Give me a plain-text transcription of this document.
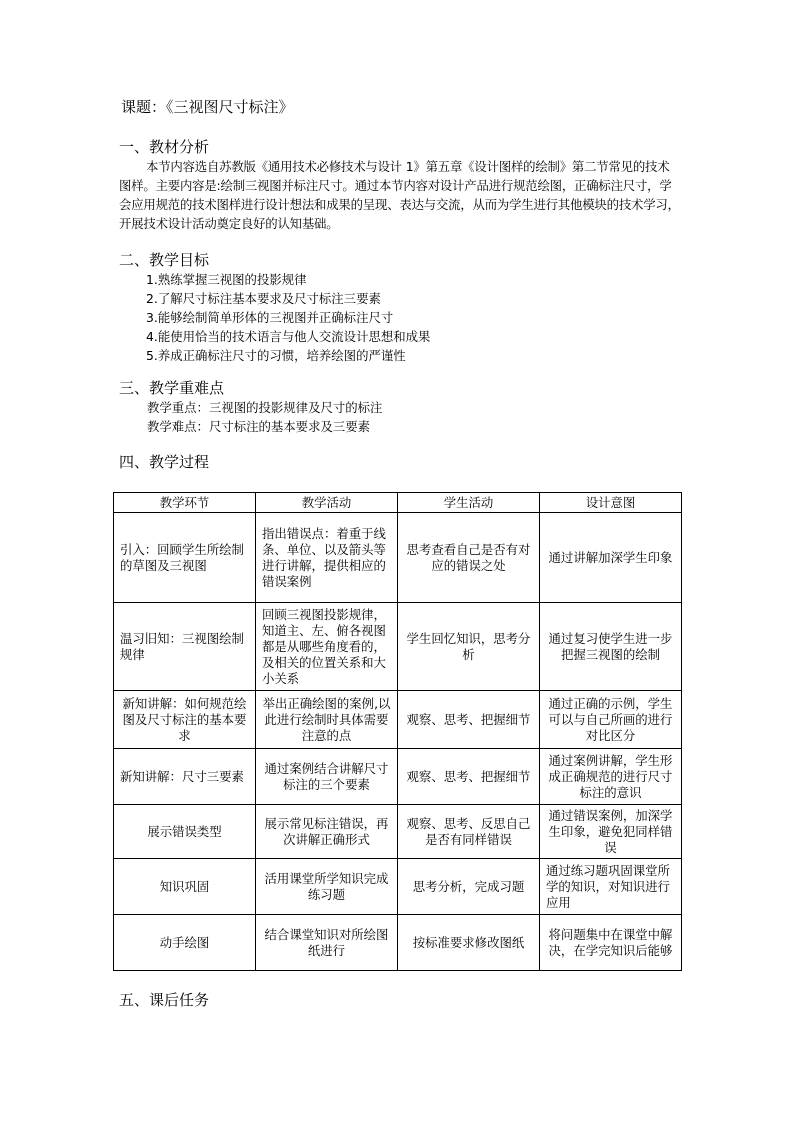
课题：《三视图尺寸标注》
一、教材分析

本节内容选自苏教版《通用技术必修技术与设计 1》第五章《设计图样的绘制》第二节常见的技术图样。主要内容是:绘制三视图并标注尺寸。通过本节内容对设计产品进行规范绘图，正确标注尺寸，学会应用规范的技术图样进行设计想法和成果的呈现、表达与交流，从而为学生进行其他模块的技术学习，开展技术设计活动奠定良好的认知基础。

二、教学目标
1.熟练掌握三视图的投影规律
2.了解尺寸标注基本要求及尺寸标注三要素
3.能够绘制简单形体的三视图并正确标注尺寸
4.能使用恰当的技术语言与他人交流设计思想和成果
5.养成正确标注尺寸的习惯，培养绘图的严谨性
三、教学重难点
教学重点：三视图的投影规律及尺寸的标注
教学难点：尺寸标注的基本要求及三要素
四、教学过程
教学环节	教学活动	学生活动	设计意图
引入：回顾学生所绘制的草图及三视图	指出错误点：着重于线条、单位、以及箭头等进行讲解，提供相应的错误案例	思考查看自己是否有对应的错误之处	通过讲解加深学生印象
温习旧知：三视图绘制规律	回顾三视图投影规律，知道主、左、俯各视图都是从哪些角度看的，及相关的位置关系和大小关系	学生回忆知识，思考分析	通过复习使学生进一步把握三视图的绘制
新知讲解：如何规范绘图及尺寸标注的基本要求	举出正确绘图的案例,以此进行绘制时具体需要注意的点	观察、思考、把握细节	通过正确的示例，学生可以与自己所画的进行对比区分
新知讲解：尺寸三要素	通过案例结合讲解尺寸标注的三个要素	观察、思考、把握细节	通过案例讲解，学生形成正确规范的进行尺寸标注的意识
展示错误类型	展示常见标注错误，再次讲解正确形式	观察、思考、反思自己是否有同样错误	通过错误案例，加深学生印象，避免犯同样错误
知识巩固	活用课堂所学知识完成练习题	思考分析，完成习题	通过练习题巩固课堂所学的知识，对知识进行应用
动手绘图	结合课堂知识对所绘图纸进行	按标准要求修改图纸	将问题集中在课堂中解决，在学完知识后能够
五、课后任务
